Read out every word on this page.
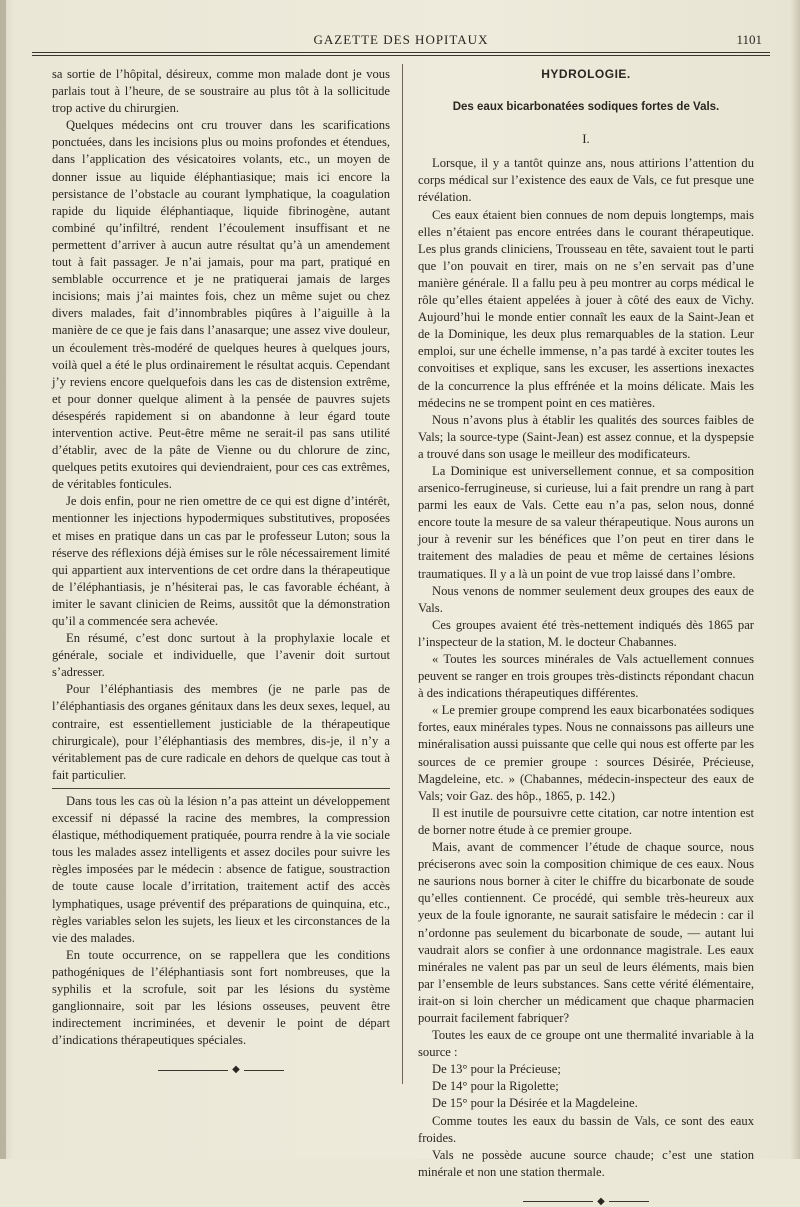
GAZETTE DES HOPITAUX	1101

sa sortie de l’hôpital, désireux, comme mon malade dont je vous parlais tout à l’heure, de se soustraire au plus tôt à la sollicitude trop active du chirurgien.

Quelques médecins ont cru trouver dans les scarifications ponctuées, dans les incisions plus ou moins profondes et étendues, dans l’application des vésicatoires volants, etc., un moyen de donner issue au liquide éléphantiasique; mais ici encore la persistance de l’obstacle au courant lymphatique, la coagulation rapide du liquide éléphantiaque, liquide fibrinogène, autant combiné qu’infiltré, rendent l’écoulement insuffisant et ne permettent d’arriver à aucun autre résultat qu’à un amendement tout à fait passager. Je n’ai jamais, pour ma part, pratiqué en semblable occurrence et je ne pratiquerai jamais de larges incisions; mais j’ai maintes fois, chez un même sujet ou chez divers malades, fait d’innombrables piqûres à l’aiguille à la manière de ce que je fais dans l’anasarque; une assez vive douleur, un écoulement très-modéré de quelques heures à quelques jours, voilà quel a été le plus ordinairement le résultat acquis. Cependant j’y reviens encore quelquefois dans les cas de distension extrême, et pour donner quelque aliment à la pensée de pauvres sujets désespérés rapidement si on abandonne à leur égard toute intervention active. Peut-être même ne serait-il pas sans utilité d’établir, avec de la pâte de Vienne ou du chlorure de zinc, quelques petits exutoires qui deviendraient, pour ces cas extrêmes, de véritables fonticules.

Je dois enfin, pour ne rien omettre de ce qui est digne d’intérêt, mentionner les injections hypodermiques substitutives, proposées et mises en pratique dans un cas par le professeur Luton; sous la réserve des réflexions déjà émises sur le rôle nécessairement limité qui appartient aux interventions de cet ordre dans la thérapeutique de l’éléphantiasis, je n’hésiterai pas, le cas favorable échéant, à imiter le savant clinicien de Reims, aussitôt que la démonstration qu’il a commencée sera achevée.

En résumé, c’est donc surtout à la prophylaxie locale et générale, sociale et individuelle, que l’avenir doit surtout s’adresser.

Pour l’éléphantiasis des membres (je ne parle pas de l’éléphantiasis des organes génitaux dans les deux sexes, lequel, au contraire, est essentiellement justiciable de la thérapeutique chirurgicale), pour l’éléphantiasis des membres, dis-je, il n’y a véritablement pas de cure radicale en dehors de quelque cas tout à fait particulier.

Dans tous les cas où la lésion n’a pas atteint un développement excessif ni dépassé la racine des membres, la compression élastique, méthodiquement pratiquée, pourra rendre à la vie sociale tous les malades assez intelligents et assez dociles pour suivre les règles imposées par le médecin : absence de fatigue, soustraction de toute cause locale d’irritation, traitement actif des accès lymphatiques, usage préventif des préparations de quinquina, etc., règles variables selon les sujets, les lieux et les circonstances de la vie des malades.

En toute occurrence, on se rappellera que les conditions pathogéniques de l’éléphantiasis sont fort nombreuses, que la syphilis et la scrofule, soit par les lésions du système ganglionnaire, soit par les lésions osseuses, peuvent être indirectement incriminées, et devenir le point de départ d’indications thérapeutiques spéciales.

◆
HYDROLOGIE.
Des eaux bicarbonatées sodiques fortes de Vals.
I.

Lorsque, il y a tantôt quinze ans, nous attirions l’attention du corps médical sur l’existence des eaux de Vals, ce fut presque une révélation.

Ces eaux étaient bien connues de nom depuis longtemps, mais elles n’étaient pas encore entrées dans le courant thérapeutique. Les plus grands cliniciens, Trousseau en tête, savaient tout le parti que l’on pouvait en tirer, mais on ne s’en servait pas d’une manière générale. Il a fallu peu à peu montrer au corps médical le rôle qu’elles étaient appelées à jouer à côté des eaux de Vichy. Aujourd’hui le monde entier connaît les eaux de la Saint-Jean et de la Dominique, les deux plus remarquables de la station. Leur emploi, sur une échelle immense, n’a pas tardé à exciter toutes les convoitises et explique, sans les excuser, les assertions inexactes de la concurrence la plus effrénée et la moins délicate. Mais les médecins ne se trompent point en ces matières.

Nous n’avons plus à établir les qualités des sources faibles de Vals; la source-type (Saint-Jean) est assez connue, et la dyspepsie a trouvé dans son usage le meilleur des modificateurs.

La Dominique est universellement connue, et sa composition arsenico-ferrugineuse, si curieuse, lui a fait prendre un rang à part parmi les eaux de Vals. Cette eau n’a pas, selon nous, donné encore toute la mesure de sa valeur thérapeutique. Nous aurons un jour à revenir sur les bénéfices que l’on peut en tirer dans le traitement des maladies de peau et même de certaines lésions traumatiques. Il y a là un point de vue trop laissé dans l’ombre.

Nous venons de nommer seulement deux groupes des eaux de Vals.

Ces groupes avaient été très-nettement indiqués dès 1865 par l’inspecteur de la station, M. le docteur Chabannes.

« Toutes les sources minérales de Vals actuellement connues peuvent se ranger en trois groupes très-distincts répondant chacun à des indications thérapeutiques différentes.

« Le premier groupe comprend les eaux bicarbonatées sodiques fortes, eaux minérales types. Nous ne connaissons pas ailleurs une minéralisation aussi puissante que celle qui nous est offerte par les sources de ce premier groupe : sources Désirée, Précieuse, Magdeleine, etc. » (Chabannes, médecin-inspecteur des eaux de Vals; voir Gaz. des hôp., 1865, p. 142.)

Il est inutile de poursuivre cette citation, car notre intention est de borner notre étude à ce premier groupe.

Mais, avant de commencer l’étude de chaque source, nous préciserons avec soin la composition chimique de ces eaux. Nous ne saurions nous borner à citer le chiffre du bicarbonate de soude qu’elles contiennent. Ce procédé, qui semble très-heureux aux yeux de la foule ignorante, ne saurait satisfaire le médecin : car il n’ordonne pas seulement du bicarbonate de soude, — autant lui vaudrait alors se confier à une ordonnance magistrale. Les eaux minérales ne valent pas par un seul de leurs éléments, mais bien par l’ensemble de leurs substances. Sans cette vérité élémentaire, irait-on si loin chercher un médicament que chaque pharmacien pourrait facilement fabriquer?

Toutes les eaux de ce groupe ont une thermalité invariable à la source :

De 13° pour la Précieuse;

De 14° pour la Rigolette;

De 15° pour la Désirée et la Magdeleine.

Comme toutes les eaux du bassin de Vals, ce sont des eaux froides.

Vals ne possède aucune source chaude; c’est une station minérale et non une station thermale.

◆
